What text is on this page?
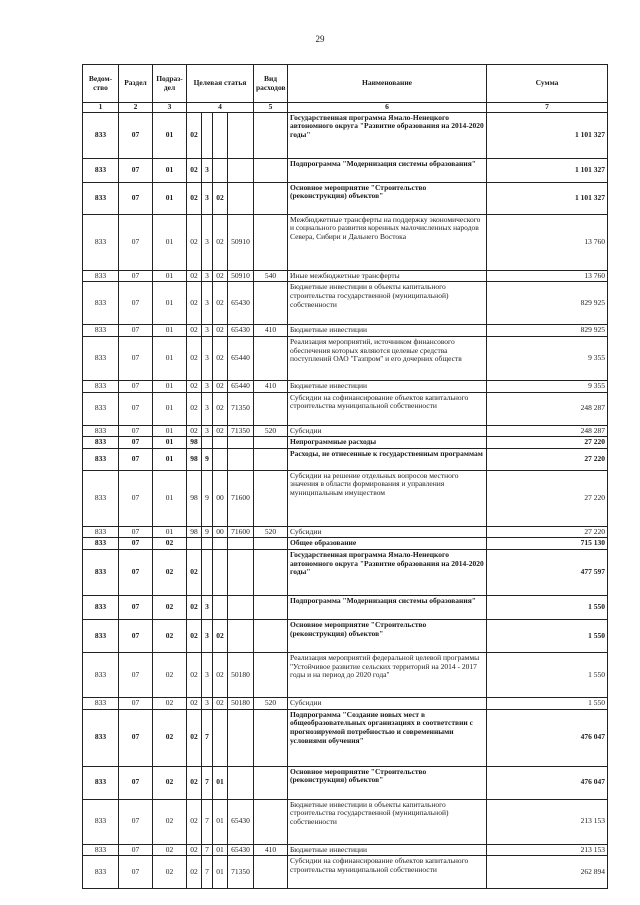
29
Ведом-ство	Раздел	Подраз-дел	Целевая статья				Вид расходов	Наименование	Сумма
1	2	3	4				5	6	7
833	07	01	02					Государственная программа Ямало-Ненецкого автономного округа "Развитие образования на 2014-2020 годы"	1 101 327
833	07	01	02	3				Подпрограмма "Модернизация системы образования"	1 101 327
833	07	01	02	3	02			Основное мероприятие "Строительство (реконструкция) объектов"	1 101 327
833	07	01	02	3	02	50910		Межбюджетные трансферты на поддержку экономического и социального развития коренных малочисленных народов Севера, Сибири и Дальнего Востока	13 760
833	07	01	02	3	02	50910	540	Иные межбюджетные трансферты	13 760
833	07	01	02	3	02	65430		Бюджетные инвестиции в объекты капитального строительства государственной (муниципальной) собственности	829 925
833	07	01	02	3	02	65430	410	Бюджетные инвестиции	829 925
833	07	01	02	3	02	65440		Реализация мероприятий, источником финансового обеспечения которых являются целевые средства поступлений ОАО "Газпром" и его дочерних обществ	9 355
833	07	01	02	3	02	65440	410	Бюджетные инвестиции	9 355
833	07	01	02	3	02	71350		Субсидии на софинансирование объектов капитального строительства муниципальной собственности	248 287
833	07	01	02	3	02	71350	520	Субсидии	248 287
833	07	01	98					Непрограммные расходы	27 220
833	07	01	98	9				Расходы, не отнесенные к государственным программам	27 220
833	07	01	98	9	00	71600		Субсидии на решение отдельных вопросов местного значения в области формирования и управления муниципальным имуществом	27 220
833	07	01	98	9	00	71600	520	Субсидии	27 220
833	07	02						Общее образование	715 130
833	07	02	02					Государственная программа Ямало-Ненецкого автономного округа "Развитие образования на 2014-2020 годы"	477 597
833	07	02	02	3				Подпрограмма "Модернизация системы образования"	1 550
833	07	02	02	3	02			Основное мероприятие "Строительство (реконструкция) объектов"	1 550
833	07	02	02	3	02	50180		Реализация мероприятий федеральной целевой программы "Устойчивое развитие сельских территорий на 2014 - 2017 годы и на период до 2020 года"	1 550
833	07	02	02	3	02	50180	520	Субсидии	1 550
833	07	02	02	7				Подпрограмма "Создание новых мест в общеобразовательных организациях в соответствии с прогнозируемой потребностью и современными условиями обучения"	476 047
833	07	02	02	7	01			Основное мероприятие "Строительство (реконструкция) объектов"	476 047
833	07	02	02	7	01	65430		Бюджетные инвестиции в объекты капитального строительства государственной (муниципальной) собственности	213 153
833	07	02	02	7	01	65430	410	Бюджетные инвестиции	213 153
833	07	02	02	7	01	71350		Субсидии на софинансирование объектов капитального строительства муниципальной собственности	262 894
